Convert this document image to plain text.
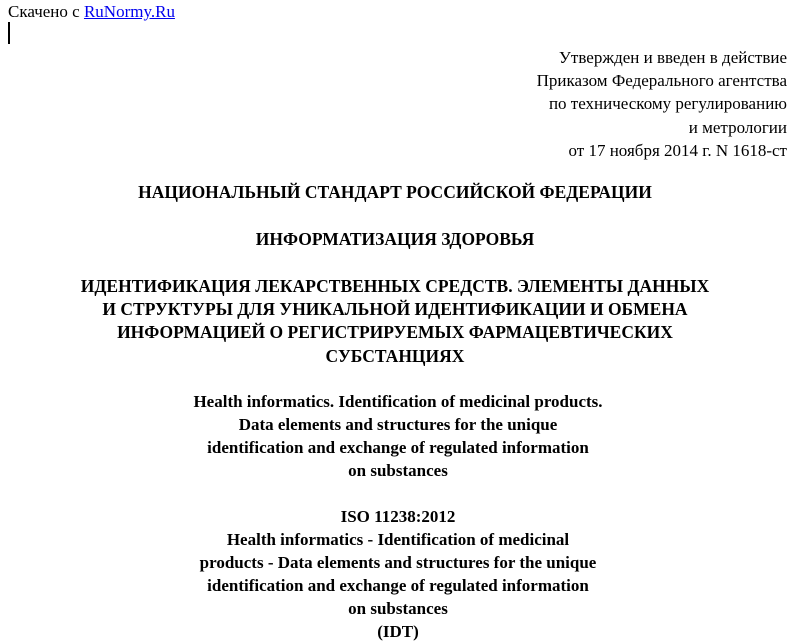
Скачено с RuNormy.Ru
Утвержден и введен в действие
Приказом Федерального агентства
по техническому регулированию
и метрологии
от 17 ноября 2014 г. N 1618-ст
НАЦИОНАЛЬНЫЙ СТАНДАРТ РОССИЙСКОЙ ФЕДЕРАЦИИ
ИНФОРМАТИЗАЦИЯ ЗДОРОВЬЯ
ИДЕНТИФИКАЦИЯ ЛЕКАРСТВЕННЫХ СРЕДСТВ. ЭЛЕМЕНТЫ ДАННЫХ
И СТРУКТУРЫ ДЛЯ УНИКАЛЬНОЙ ИДЕНТИФИКАЦИИ И ОБМЕНА
ИНФОРМАЦИЕЙ О РЕГИСТРИРУЕМЫХ ФАРМАЦЕВТИЧЕСКИХ
СУБСТАНЦИЯХ
Health informatics. Identification of medicinal products.
Data elements and structures for the unique
identification and exchange of regulated information
on substances
ISO 11238:2012
Health informatics - Identification of medicinal
products - Data elements and structures for the unique
identification and exchange of regulated information
on substances
(IDT)
